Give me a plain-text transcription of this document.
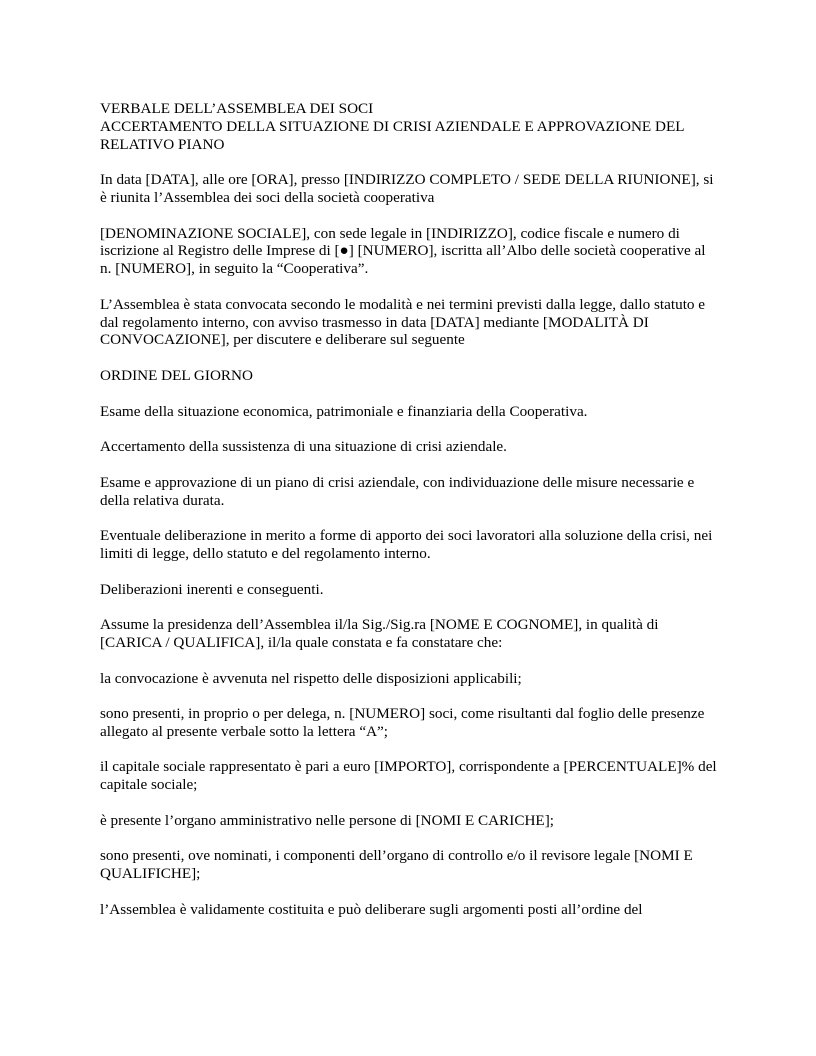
VERBALE DELL’ASSEMBLEA DEI SOCI
ACCERTAMENTO DELLA SITUAZIONE DI CRISI AZIENDALE E APPROVAZIONE DEL RELATIVO PIANO

In data [DATA], alle ore [ORA], presso [INDIRIZZO COMPLETO / SEDE DELLA RIUNIONE], si è riunita l’Assemblea dei soci della società cooperativa

[DENOMINAZIONE SOCIALE], con sede legale in [INDIRIZZO], codice fiscale e numero di iscrizione al Registro delle Imprese di [●] [NUMERO], iscritta all’Albo delle società cooperative al n. [NUMERO], in seguito la “Cooperativa”.

L’Assemblea è stata convocata secondo le modalità e nei termini previsti dalla legge, dallo statuto e dal regolamento interno, con avviso trasmesso in data [DATA] mediante [MODALITÀ DI CONVOCAZIONE], per discutere e deliberare sul seguente

ORDINE DEL GIORNO

Esame della situazione economica, patrimoniale e finanziaria della Cooperativa.

Accertamento della sussistenza di una situazione di crisi aziendale.

Esame e approvazione di un piano di crisi aziendale, con individuazione delle misure necessarie e della relativa durata.

Eventuale deliberazione in merito a forme di apporto dei soci lavoratori alla soluzione della crisi, nei limiti di legge, dello statuto e del regolamento interno.

Deliberazioni inerenti e conseguenti.

Assume la presidenza dell’Assemblea il/la Sig./Sig.ra [NOME E COGNOME], in qualità di [CARICA / QUALIFICA], il/la quale constata e fa constatare che:

la convocazione è avvenuta nel rispetto delle disposizioni applicabili;

sono presenti, in proprio o per delega, n. [NUMERO] soci, come risultanti dal foglio delle presenze allegato al presente verbale sotto la lettera “A”;

il capitale sociale rappresentato è pari a euro [IMPORTO], corrispondente a [PERCENTUALE]% del capitale sociale;

è presente l’organo amministrativo nelle persone di [NOMI E CARICHE];

sono presenti, ove nominati, i componenti dell’organo di controllo e/o il revisore legale [NOMI E QUALIFICHE];

l’Assemblea è validamente costituita e può deliberare sugli argomenti posti all’ordine del
